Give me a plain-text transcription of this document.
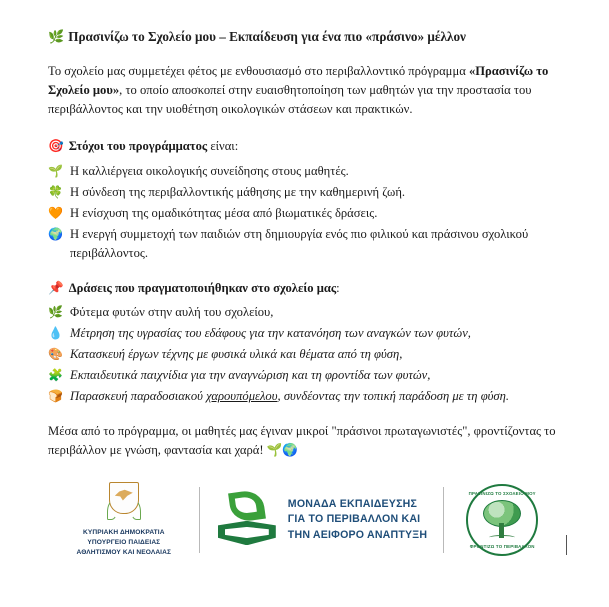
🌿 Πρασινίζω το Σχολείο μου – Εκπαίδευση για ένα πιο «πράσινο» μέλλον

Το σχολείο μας συμμετέχει φέτος με ενθουσιασμό στο περιβαλλοντικό πρόγραμμα «Πρασινίζω το Σχολείο μου», το οποίο αποσκοπεί στην ευαισθητοποίηση των μαθητών για την προστασία του περιβάλλοντος και την υιοθέτηση οικολογικών στάσεων και πρακτικών.

🎯 Στόχοι του προγράμματος είναι:
🌱 Η καλλιέργεια οικολογικής συνείδησης στους μαθητές.
🍀 Η σύνδεση της περιβαλλοντικής μάθησης με την καθημερινή ζωή.
🧡 Η ενίσχυση της ομαδικότητας μέσα από βιωματικές δράσεις.
🌍 Η ενεργή συμμετοχή των παιδιών στη δημιουργία ενός πιο φιλικού και πράσινου σχολικού περιβάλλοντος.
📌 Δράσεις που πραγματοποιήθηκαν στο σχολείο μας:
🌿 Φύτεμα φυτών στην αυλή του σχολείου,
💧 Μέτρηση της υγρασίας του εδάφους για την κατανόηση των αναγκών των φυτών,
🎨 Κατασκευή έργων τέχνης με φυσικά υλικά και θέματα από τη φύση,
🧩 Εκπαιδευτικά παιχνίδια για την αναγνώριση και τη φροντίδα των φυτών,
🍞 Παρασκευή παραδοσιακού χαρουπόμελου, συνδέοντας την τοπική παράδοση με τη φύση.

Μέσα από το πρόγραμμα, οι μαθητές μας έγιναν μικροί "πράσινοι πρωταγωνιστές", φροντίζοντας το περιβάλλον με γνώση, φαντασία και χαρά! 🌱🌍

ΚΥΠΡΙΑΚΗ ΔΗΜΟΚΡΑΤΙΑ
ΥΠΟΥΡΓΕΙΟ ΠΑΙΔΕΙΑΣ
ΑΘΛΗΤΙΣΜΟΥ ΚΑΙ ΝΕΟΛΑΙΑΣ
ΜΟΝΑΔΑ ΕΚΠΑΙΔΕΥΣΗΣ
ΓΙΑ ΤΟ ΠΕΡΙΒΑΛΛΟΝ ΚΑΙ
ΤΗΝ ΑΕΙΦΟΡΟ ΑΝΑΠΤΥΞΗ
ΠΡΑΣΙΝΙΖΩ ΤΟ ΣΧΟΛΕΙΟ ΜΟΥ
ΦΡΟΝΤΙΖΩ ΤΟ ΠΕΡΙΒΑΛΛΟΝ
